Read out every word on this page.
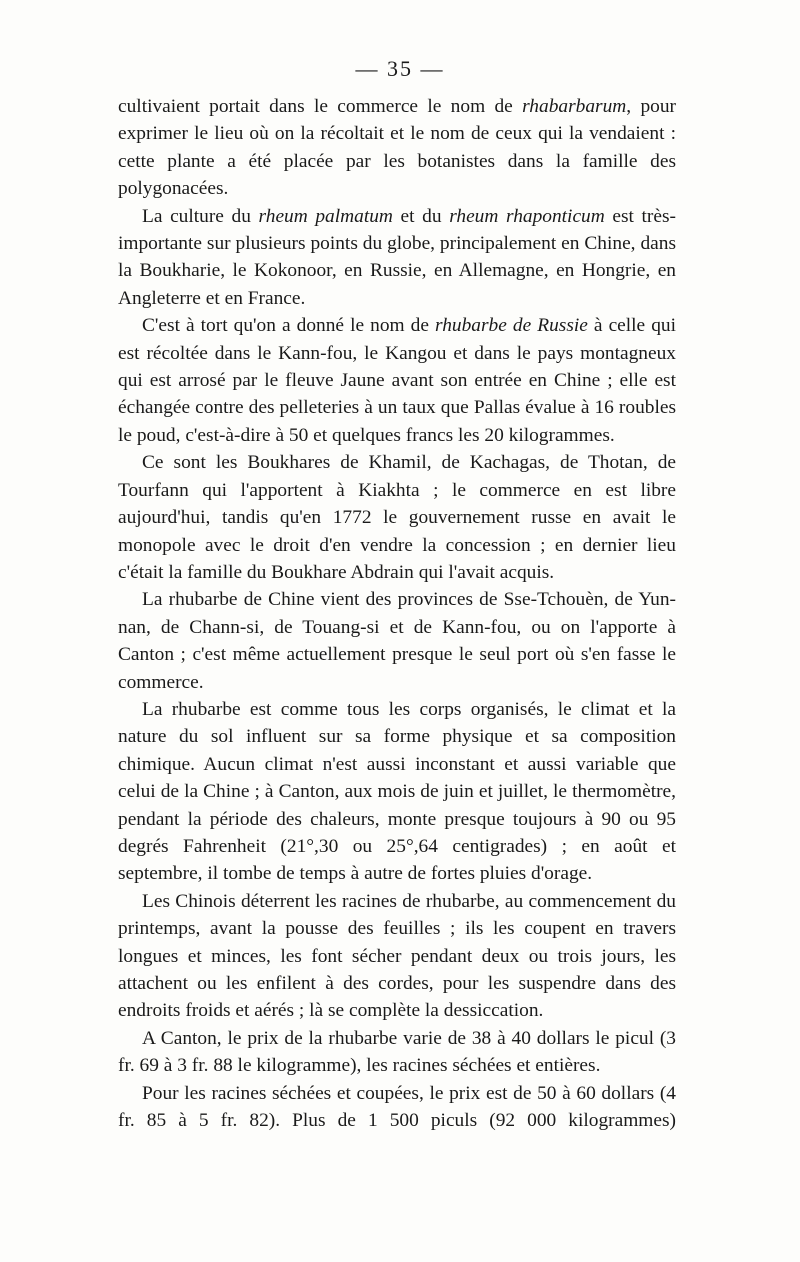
— 35 —

cultivaient portait dans le commerce le nom de rhabarbarum, pour exprimer le lieu où on la récoltait et le nom de ceux qui la vendaient : cette plante a été placée par les botanistes dans la famille des polygonacées.

La culture du rheum palmatum et du rheum rhaponticum est très-importante sur plusieurs points du globe, principalement en Chine, dans la Boukharie, le Kokonoor, en Russie, en Allemagne, en Hongrie, en Angleterre et en France.

C'est à tort qu'on a donné le nom de rhubarbe de Russie à celle qui est récoltée dans le Kann-fou, le Kangou et dans le pays montagneux qui est arrosé par le fleuve Jaune avant son entrée en Chine ; elle est échangée contre des pelleteries à un taux que Pallas évalue à 16 roubles le poud, c'est-à-dire à 50 et quelques francs les 20 kilogrammes.

Ce sont les Boukhares de Khamil, de Kachagas, de Thotan, de Tourfann qui l'apportent à Kiakhta ; le commerce en est libre aujourd'hui, tandis qu'en 1772 le gouvernement russe en avait le monopole avec le droit d'en vendre la concession ; en dernier lieu c'était la famille du Boukhare Abdrain qui l'avait acquis.

La rhubarbe de Chine vient des provinces de Sse-Tchouèn, de Yun-nan, de Chann-si, de Touang-si et de Kann-fou, ou on l'apporte à Canton ; c'est même actuellement presque le seul port où s'en fasse le commerce.

La rhubarbe est comme tous les corps organisés, le climat et la nature du sol influent sur sa forme physique et sa composition chimique. Aucun climat n'est aussi inconstant et aussi variable que celui de la Chine ; à Canton, aux mois de juin et juillet, le thermomètre, pendant la période des chaleurs, monte presque toujours à 90 ou 95 degrés Fahrenheit (21°,30 ou 25°,64 centigrades) ; en août et septembre, il tombe de temps à autre de fortes pluies d'orage.

Les Chinois déterrent les racines de rhubarbe, au commencement du printemps, avant la pousse des feuilles ; ils les coupent en travers longues et minces, les font sécher pendant deux ou trois jours, les attachent ou les enfilent à des cordes, pour les suspendre dans des endroits froids et aérés ; là se complète la dessiccation.

A Canton, le prix de la rhubarbe varie de 38 à 40 dollars le picul (3 fr. 69 à 3 fr. 88 le kilogramme), les racines séchées et entières.

Pour les racines séchées et coupées, le prix est de 50 à 60 dollars (4 fr. 85 à 5 fr. 82). Plus de 1 500 piculs (92 000 kilogrammes)
